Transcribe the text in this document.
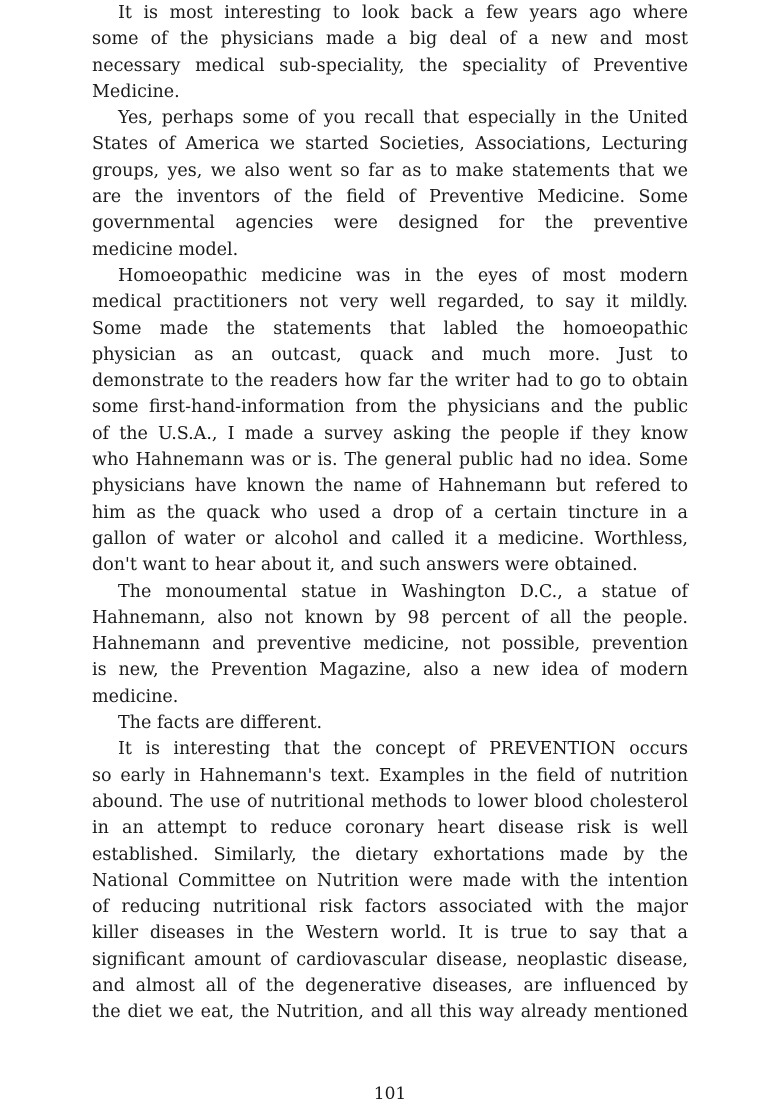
It is most interesting to look back a few years ago where
some of the physicians made a big deal of a new and most
necessary medical sub-speciality, the speciality of Preventive
Medicine.
Yes, perhaps some of you recall that especially in the United
States of America we started Societies, Associations, Lecturing
groups, yes, we also went so far as to make statements that we
are the inventors of the field of Preventive Medicine. Some
governmental agencies were designed for the preventive
medicine model.
Homoeopathic medicine was in the eyes of most modern
medical practitioners not very well regarded, to say it mildly.
Some made the statements that labled the homoeopathic
physician as an outcast, quack and much more. Just to
demonstrate to the readers how far the writer had to go to obtain
some first-hand-information from the physicians and the public
of the U.S.A., I made a survey asking the people if they know
who Hahnemann was or is. The general public had no idea. Some
physicians have known the name of Hahnemann but refered to
him as the quack who used a drop of a certain tincture in a
gallon of water or alcohol and called it a medicine. Worthless,
don't want to hear about it, and such answers were obtained.
The monoumental statue in Washington D.C., a statue of
Hahnemann, also not known by 98 percent of all the people.
Hahnemann and preventive medicine, not possible, prevention
is new, the Prevention Magazine, also a new idea of modern
medicine.
The facts are different.
It is interesting that the concept of PREVENTION occurs
so early in Hahnemann's text. Examples in the field of nutrition
abound. The use of nutritional methods to lower blood cholesterol
in an attempt to reduce coronary heart disease risk is well
established. Similarly, the dietary exhortations made by the
National Committee on Nutrition were made with the intention
of reducing nutritional risk factors associated with the major
killer diseases in the Western world. It is true to say that a
significant amount of cardiovascular disease, neoplastic disease,
and almost all of the degenerative diseases, are influenced by
the diet we eat, the Nutrition, and all this way already mentioned
101
